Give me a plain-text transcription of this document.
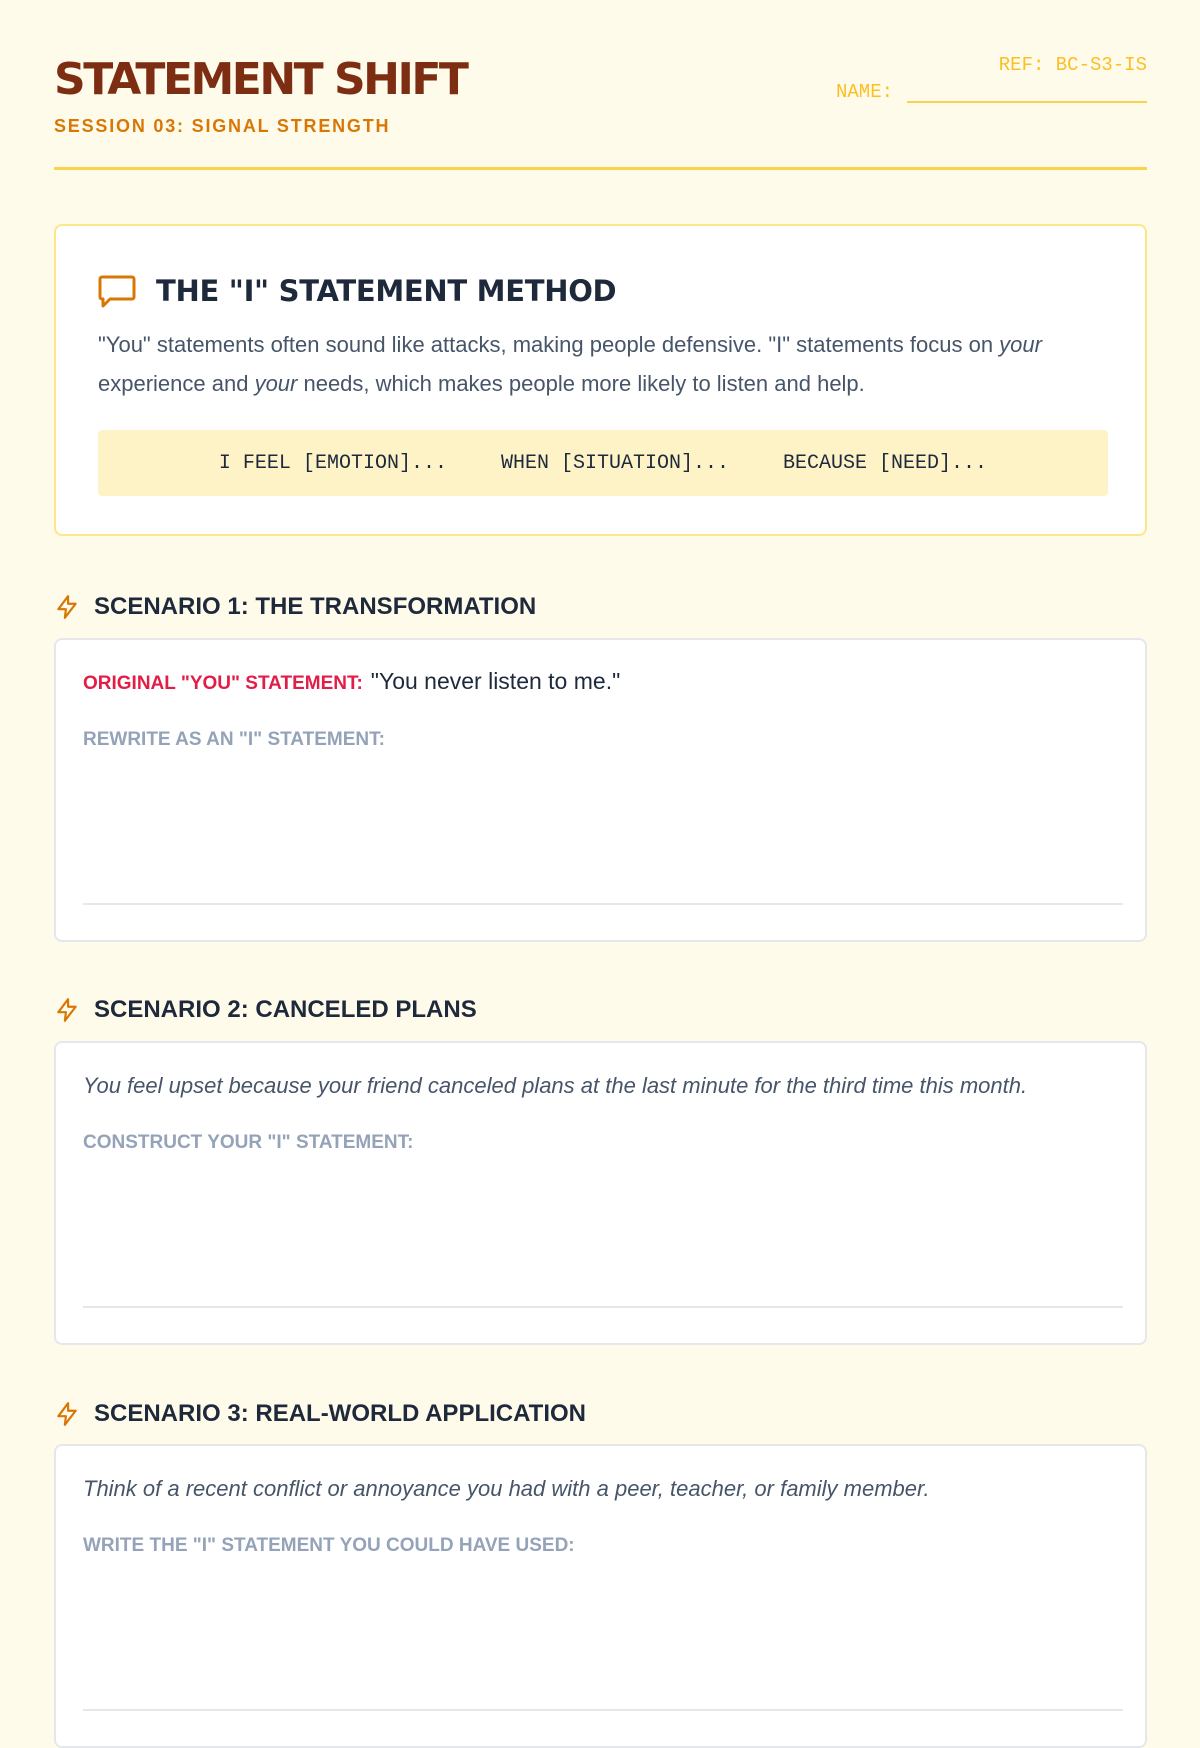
STATEMENT SHIFT
SESSION 03: SIGNAL STRENGTH
REF: BC-S3-IS
NAME:
THE "I" STATEMENT METHOD

"You" statements often sound like attacks, making people defensive. "I" statements focus on your experience and your needs, which makes people more likely to listen and help.

I FEEL [EMOTION]...	WHEN [SITUATION]...	BECAUSE [NEED]...
SCENARIO 1: THE TRANSFORMATION
ORIGINAL "YOU" STATEMENT: "You never listen to me."
REWRITE AS AN "I" STATEMENT:
SCENARIO 2: CANCELED PLANS
You feel upset because your friend canceled plans at the last minute for the third time this month.
CONSTRUCT YOUR "I" STATEMENT:
SCENARIO 3: REAL-WORLD APPLICATION
Think of a recent conflict or annoyance you had with a peer, teacher, or family member.
WRITE THE "I" STATEMENT YOU COULD HAVE USED:
